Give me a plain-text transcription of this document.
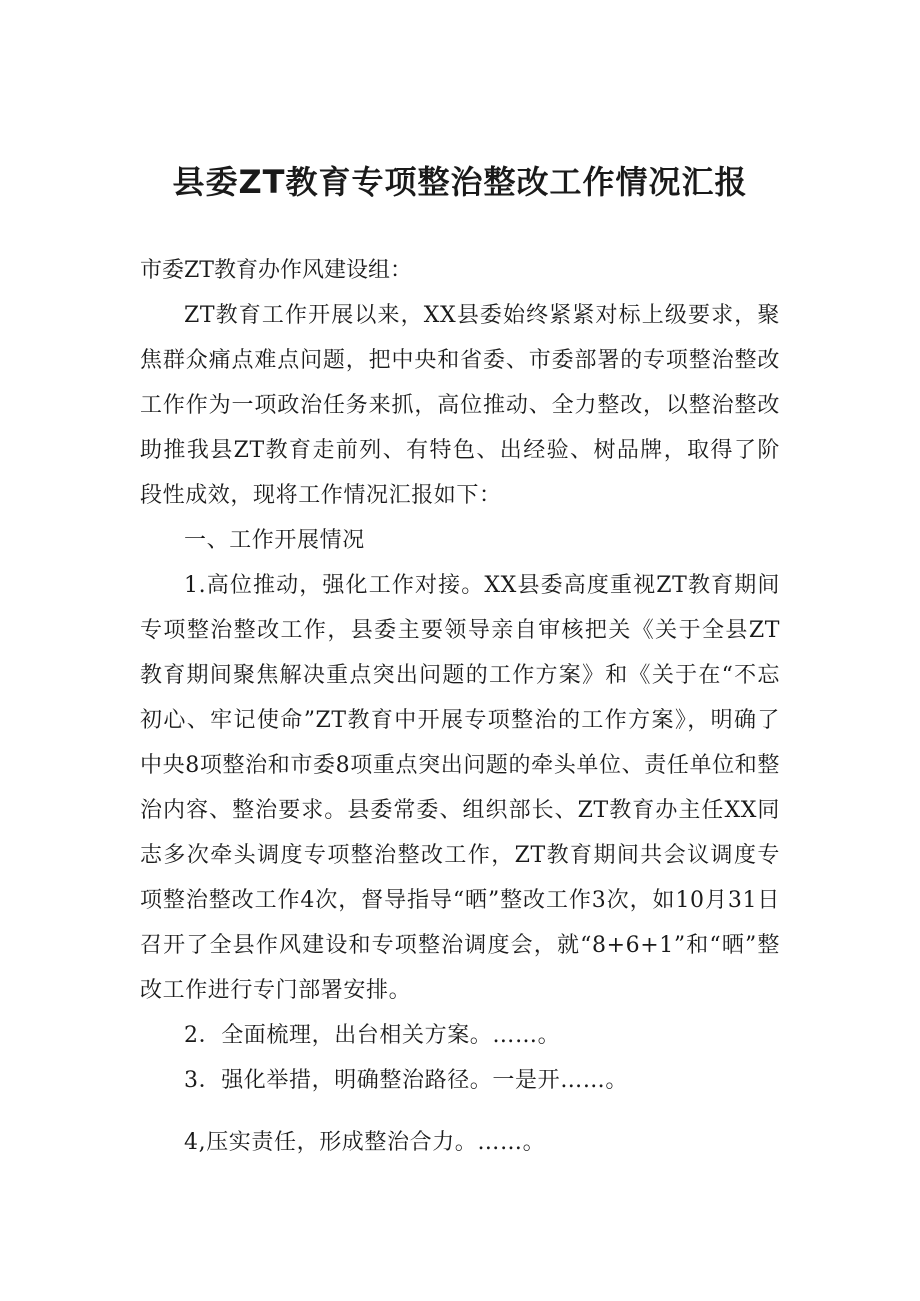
县委ZT教育专项整治整改工作情况汇报

市委ZT教育办作风建设组：

ZT教育工作开展以来，XX县委始终紧紧对标上级要求，聚焦群众痛点难点问题，把中央和省委、市委部署的专项整治整改工作作为一项政治任务来抓，高位推动、全力整改，以整治整改助推我县ZT教育走前列、有特色、出经验、树品牌，取得了阶段性成效，现将工作情况汇报如下：

一、工作开展情况

1.高位推动，强化工作对接。XX县委高度重视ZT教育期间专项整治整改工作，县委主要领导亲自审核把关《关于全县ZT教育期间聚焦解决重点突出问题的工作方案》和《关于在“不忘初心、牢记使命”ZT教育中开展专项整治的工作方案》，明确了中央8项整治和市委8项重点突出问题的牵头单位、责任单位和整治内容、整治要求。县委常委、组织部长、ZT教育办主任XX同志多次牵头调度专项整治整改工作，ZT教育期间共会议调度专项整治整改工作4次，督导指导“晒”整改工作3次，如10月31日召开了全县作风建设和专项整治调度会，就“8+6+1”和“晒”整改工作进行专门部署安排。

2．全面梳理，出台相关方案。……。

3．强化举措，明确整治路径。一是开……。

4,压实责任，形成整治合力。……。
